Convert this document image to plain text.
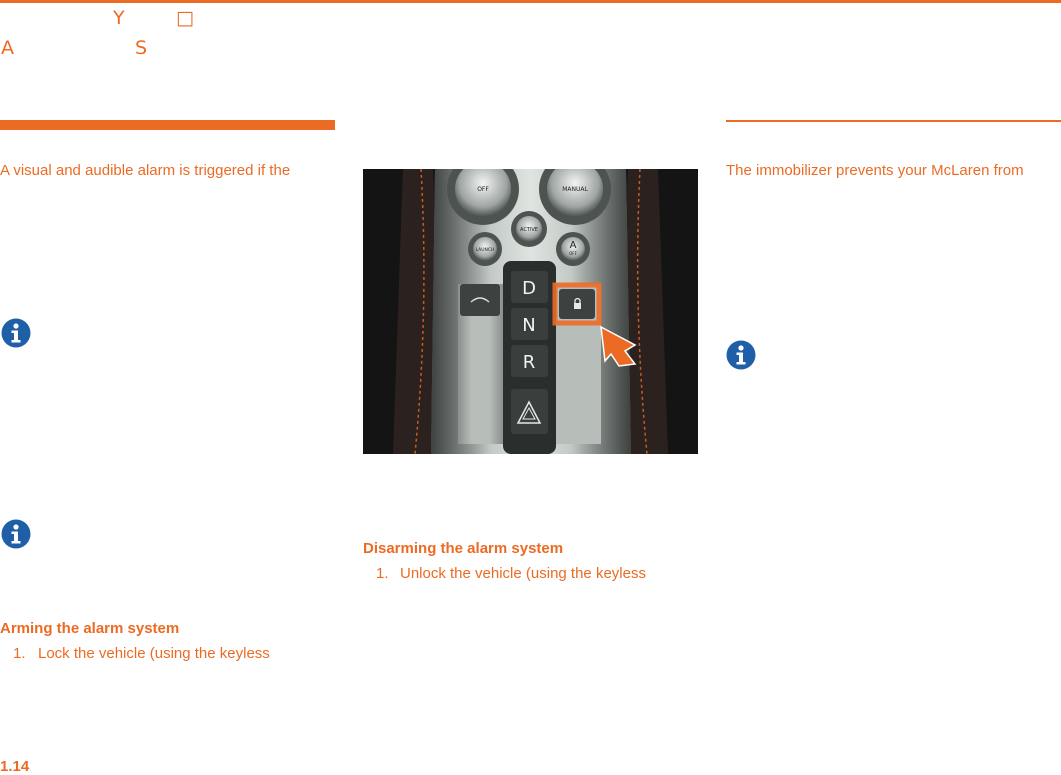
Y	□
A	S
A visual and audible alarm is triggered if the
Arming the alarm system
1. Lock the vehicle (using the keyless
OFF	MANUAL
ACTIVE
LAUNCH	A
OFF
D
N
R
Disarming the alarm system
1. Unlock the vehicle (using the keyless
The immobilizer prevents your McLaren from
1.14
